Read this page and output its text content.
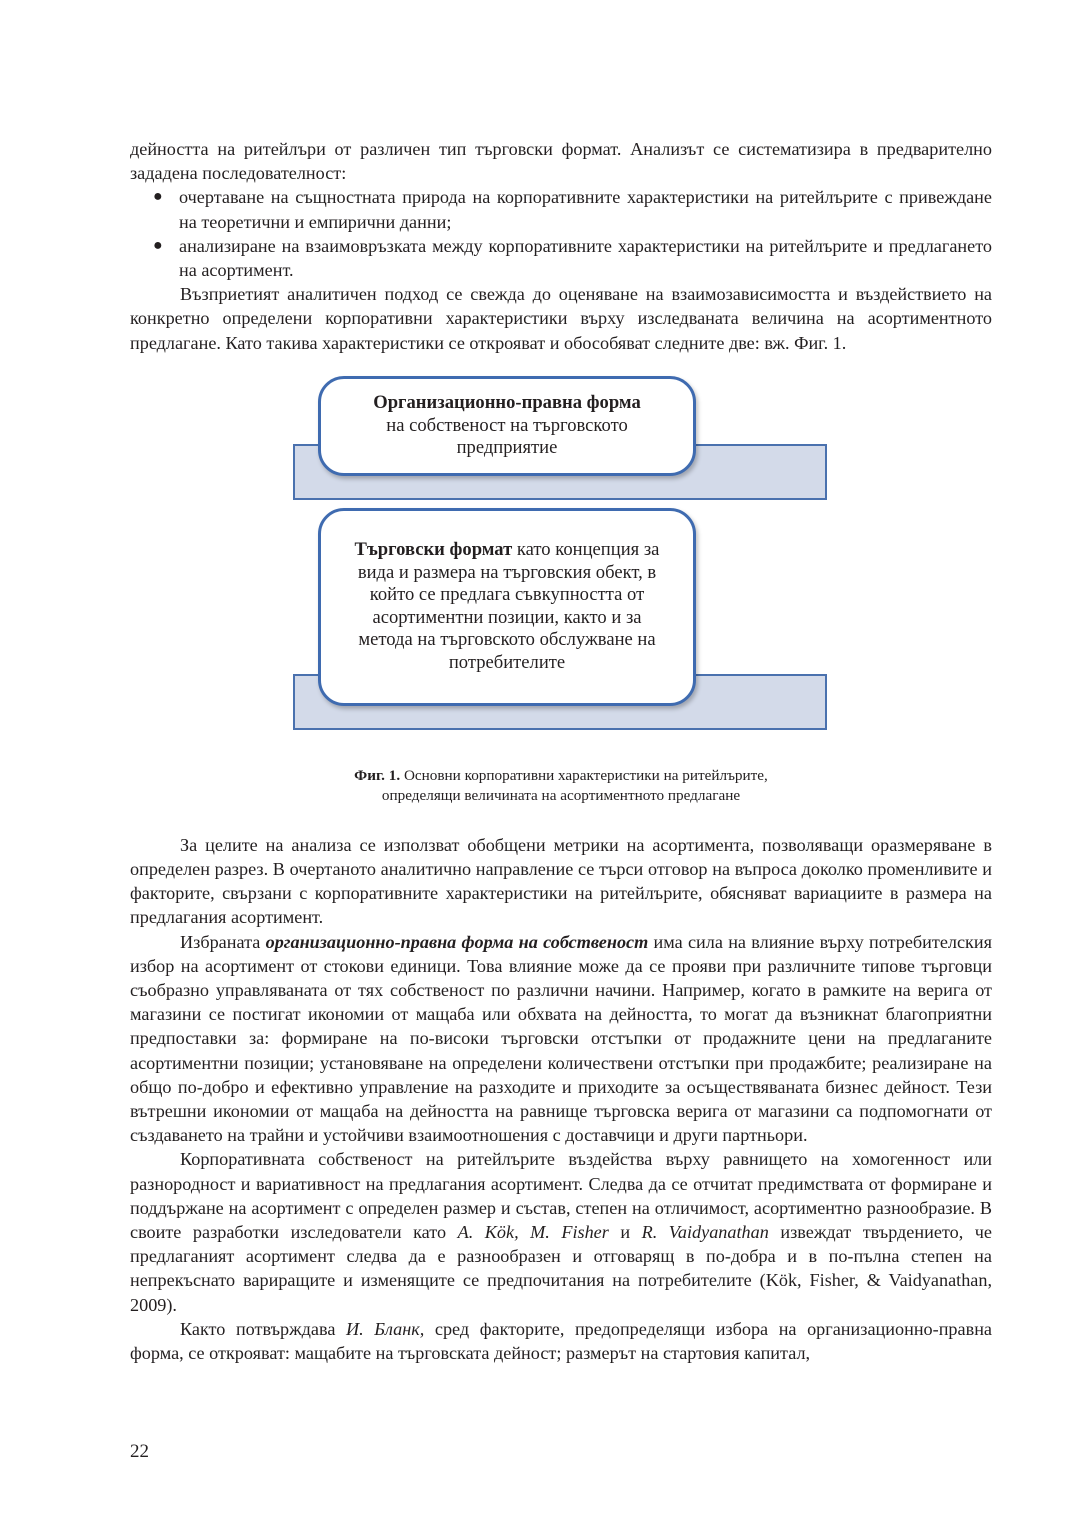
дейността на ритейлъри от различен тип търговски формат. Анализът се систематизира в предварително зададена последователност:

● очертаване на същностната природа на корпоративните характеристики на ритейлърите с привеждане на теоретични и емпирични данни;
● анализиране на взаимовръзката между корпоративните характеристики на ритейлърите и предлагането на асортимент.

Възприетият аналитичен подход се свежда до оценяване на взаимозависимостта и въздействието на конкретно определени корпоративни характеристики върху изследваната величина на асортиментното предлагане. Като такива характеристики се открояват и обособяват следните две: вж. Фиг. 1.

Организационно-правна форма
на собственост на търговското предприятие
Търговски формат като концепция за вида и размера на търговския обект, в който се предлага съвкупността от асортиментни позиции, както и за метода на търговското обслужване на потребителите
Фиг. 1. Основни корпоративни характеристики на ритейлърите,
определящи величината на асортиментното предлагане

За целите на анализа се използват обобщени метрики на асортимента, позволяващи оразмеряване в определен разрез. В очертаното аналитично направление се търси отговор на въпроса доколко променливите и факторите, свързани с корпоративните характеристики на ритейлърите, обясняват вариациите в размера на предлагания асортимент.

Избраната организационно-правна форма на собственост има сила на влияние върху потребителския избор на асортимент от стокови единици. Това влияние може да се прояви при различните типове търговци съобразно управляваната от тях собственост по различни начини. Например, когато в рамките на верига от магазини се постигат икономии от мащаба или обхвата на дейността, то могат да възникнат благоприятни предпоставки за: формиране на по-високи търговски отстъпки от продажните цени на предлаганите асортиментни позиции; установяване на определени количествени отстъпки при продажбите; реализиране на общо по-добро и ефективно управление на разходите и приходите за осъществяваната бизнес дейност. Тези вътрешни икономии от мащаба на дейността на равнище търговска верига от магазини са подпомогнати от създаването на трайни и устойчиви взаимоотношения с доставчици и други партньори.

Корпоративната собственост на ритейлърите въздейства върху равнището на хомогенност или разнородност и вариативност на предлагания асортимент. Следва да се отчитат предимствата от формиране и поддържане на асортимент с определен размер и състав, степен на отличимост, асортиментно разнообразие. В своите разработки изследователи като A. Kök, M. Fisher и R. Vaidyanathan извеждат твърдението, че предлаганият асортимент следва да е разнообразен и отговарящ в по-добра и в по-пълна степен на непрекъснато вариращите и изменящите се предпочитания на потребителите (Kök, Fisher, & Vaidyanathan, 2009).

Както потвърждава И. Бланк, сред факторите, предопределящи избора на организационно-правна форма, се открояват: мащабите на търговската дейност; размерът на стартовия капитал,

22
